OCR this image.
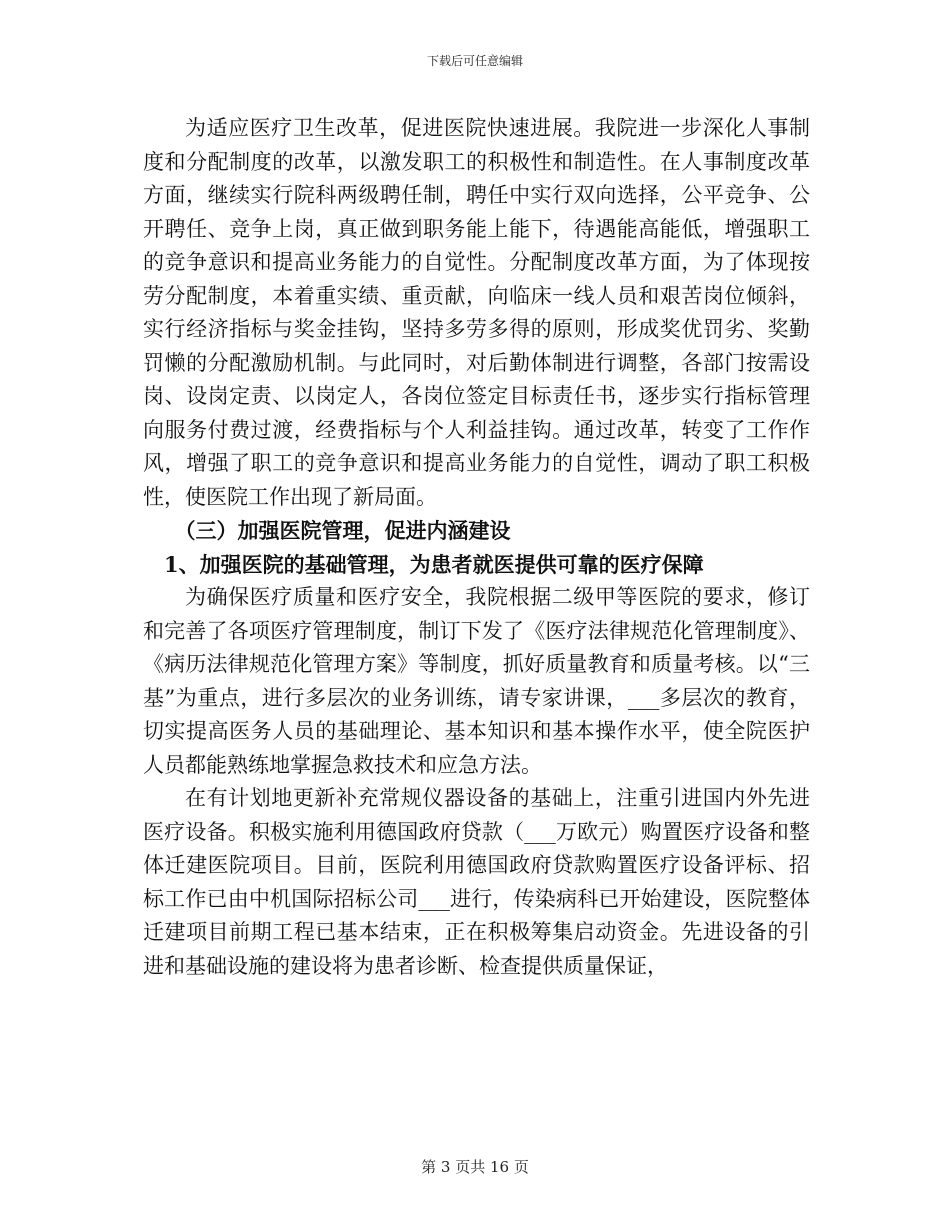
下载后可任意编辑

为适应医疗卫生改革，促进医院快速进展。我院进一步深化人事制度和分配制度的改革，以激发职工的积极性和制造性。在人事制度改革方面，继续实行院科两级聘任制，聘任中实行双向选择，公平竞争、公开聘任、竞争上岗，真正做到职务能上能下，待遇能高能低，增强职工的竞争意识和提高业务能力的自觉性。分配制度改革方面，为了体现按劳分配制度，本着重实绩、重贡献，向临床一线人员和艰苦岗位倾斜，实行经济指标与奖金挂钩，坚持多劳多得的原则，形成奖优罚劣、奖勤罚懒的分配激励机制。与此同时，对后勤体制进行调整，各部门按需设岗、设岗定责、以岗定人，各岗位签定目标责任书，逐步实行指标管理向服务付费过渡，经费指标与个人利益挂钩。通过改革，转变了工作作风，增强了职工的竞争意识和提高业务能力的自觉性，调动了职工积极性，使医院工作出现了新局面。

（三）加强医院管理，促进内涵建设

1、加强医院的基础管理，为患者就医提供可靠的医疗保障

为确保医疗质量和医疗安全，我院根据二级甲等医院的要求，修订和完善了各项医疗管理制度，制订下发了《医疗法律规范化管理制度》、《病历法律规范化管理方案》等制度，抓好质量教育和质量考核。以“三基”为重点，进行多层次的业务训练，请专家讲课，___多层次的教育，切实提高医务人员的基础理论、基本知识和基本操作水平，使全院医护人员都能熟练地掌握急救技术和应急方法。

在有计划地更新补充常规仪器设备的基础上，注重引进国内外先进医疗设备。积极实施利用德国政府贷款（___万欧元）购置医疗设备和整体迁建医院项目。目前，医院利用德国政府贷款购置医疗设备评标、招标工作已由中机国际招标公司___进行，传染病科已开始建设，医院整体迁建项目前期工程已基本结束，正在积极筹集启动资金。先进设备的引进和基础设施的建设将为患者诊断、检查提供质量保证，

第 3 页共 16 页
